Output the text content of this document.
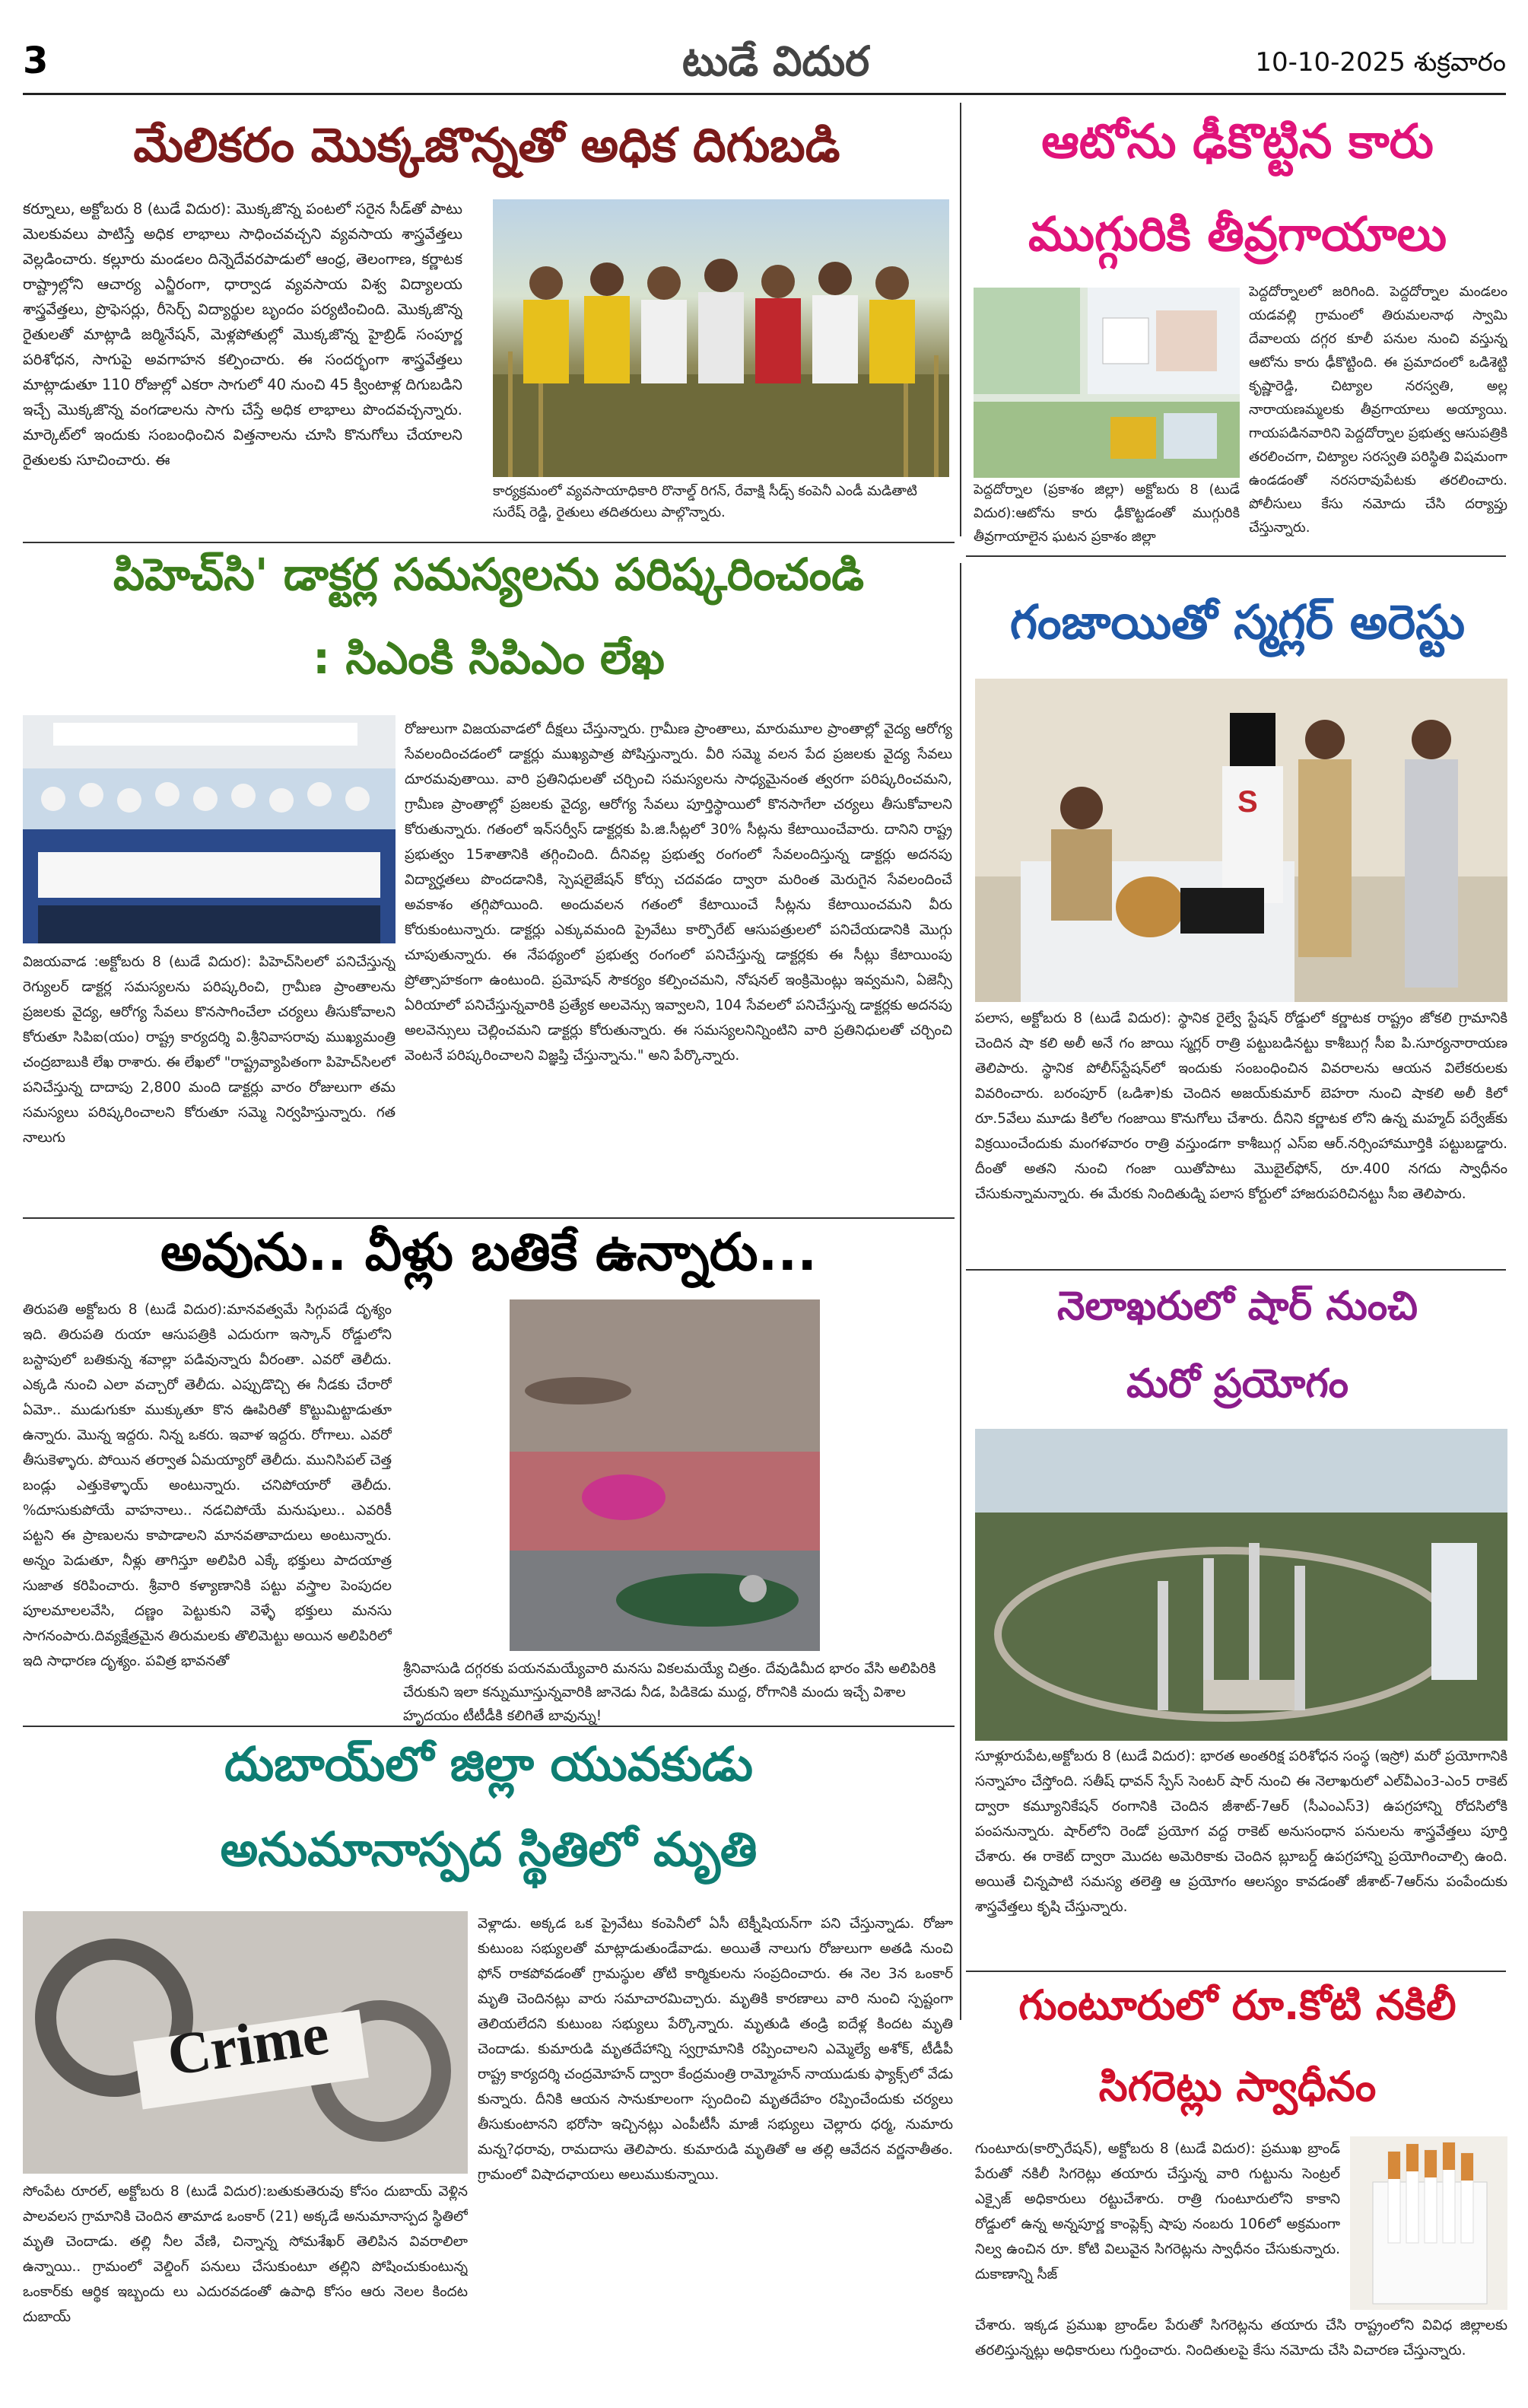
3	టుడే విదుర	10-10-2025 శుక్రవారం
మేలికరం మొక్కజొన్నతో అధిక దిగుబడి
కర్నూలు, అక్టోబరు 8 (టుడే విదుర): మొక్కజొన్న పంటలో సరైన సీడ్‌తో పాటు మెలకువలు పాటిస్తే అధిక లాభాలు సాధించవచ్చని వ్యవసాయ శాస్త్రవేత్తలు వెల్లడించారు. కల్లూరు మండలం దిన్నెదేవరపాడులో ఆంధ్ర, తెలంగాణ, కర్ణాటక రాష్ట్రాల్లోని ఆచార్య ఎన్జీరంగా, ధార్వాడ వ్యవసాయ విశ్వ విద్యాలయ శాస్త్రవేత్తలు, ప్రొఫెసర్లు, రీసెర్చ్ విద్యార్థుల బృందం పర్యటించింది. మొక్కజొన్న రైతులతో మాట్లాడి జర్మినేషన్, మెళ్లపోతుల్లో మొక్కజొన్న హైబ్రిడ్ సంపూర్ణ పరిశోధన, సాగుపై అవగాహన కల్పించారు. ఈ సందర్భంగా శాస్త్రవేత్తలు మాట్లాడుతూ 110 రోజుల్లో ఎకరా సాగులో 40 నుంచి 45 క్వింటాళ్ల దిగుబడిని ఇచ్చే మొక్కజొన్న వంగడాలను సాగు చేస్తే అధిక లాభాలు పొందవచ్చన్నారు. మార్కెట్‌లో ఇందుకు సంబంధించిన విత్తనాలను చూసి కొనుగోలు చేయాలని రైతులకు సూచించారు. ఈ
కార్యక్రమంలో వ్యవసాయాధికారి రొనాల్డ్ రిగన్, రేవాక్షి సీడ్స్ కంపెనీ ఎండీ మడితాటి సురేష్ రెడ్డి, రైతులు తదితరులు పాల్గొన్నారు.
ఆటోను ఢీకొట్టిన కారు
ముగ్గురికి తీవ్రగాయాలు
పెద్దదోర్నాలలో జరిగింది. పెద్దదోర్నాల మండలం యడవల్లి గ్రామంలో తిరుమలనాథ స్వామి దేవాలయ దగ్గర కూలీ పనుల నుంచి వస్తున్న ఆటోను కారు ఢీకొట్టింది. ఈ ప్రమాదంలో ఒడిశెట్టి కృష్ణారెడ్డి, చిట్యాల నరస్వతి, అల్ల నారాయణమ్మలకు తీవ్రగాయాలు అయ్యాయి. గాయపడినవారిని పెద్దదోర్నాల ప్రభుత్వ ఆసుపత్రికి తరలించగా, చిట్యాల సరస్వతి పరిస్థితి విషమంగా ఉండడంతో నరసరావుపేటకు తరలించారు. పోలీసులు కేసు నమోదు చేసి దర్యాప్తు చేస్తున్నారు.
పెద్దదోర్నాల (ప్రకాశం జిల్లా) అక్టోబరు 8 (టుడే విదుర):ఆటోను కారు ఢీకొట్టడంతో ముగ్గురికి తీవ్రగాయాలైన ఘటన ప్రకాశం జిల్లా
పిహెచ్‌సి' డాక్టర్ల సమస్యలను పరిష్కరించండి
: సిఎంకి సిపిఎం లేఖ
విజయవాడ :అక్టోబరు 8 (టుడే విదుర): పిహెచ్‌సిలలో పనిచేస్తున్న రెగ్యులర్ డాక్టర్ల సమస్యలను పరిష్కరించి, గ్రామీణ ప్రాంతాలను ప్రజలకు వైద్య, ఆరోగ్య సేవలు కొనసాగించేలా చర్యలు తీసుకోవాలని కోరుతూ సిపిఐ(యం) రాష్ట్ర కార్యదర్శి వి.శ్రీనివాసరావు ముఖ్యమంత్రి చంద్రబాబుకి లేఖ రాశారు. ఈ లేఖలో "రాష్ట్రవ్యాపితంగా పిహెచ్‌సిలలో పనిచేస్తున్న దాదాపు 2,800 మంది డాక్టర్లు వారం రోజులుగా తమ సమస్యలు పరిష్కరించాలని కోరుతూ సమ్మె నిర్వహిస్తున్నారు. గత నాలుగు
రోజులుగా విజయవాడలో దీక్షలు చేస్తున్నారు. గ్రామీణ ప్రాంతాలు, మారుమూల ప్రాంతాల్లో వైద్య ఆరోగ్య సేవలందించడంలో డాక్టర్లు ముఖ్యపాత్ర పోషిస్తున్నారు. వీరి సమ్మె వలన పేద ప్రజలకు వైద్య సేవలు దూరమవుతాయి. వారి ప్రతినిధులతో చర్చించి సమస్యలను సాధ్యమైనంత త్వరగా పరిష్కరించమని, గ్రామీణ ప్రాంతాల్లో ప్రజలకు వైద్య, ఆరోగ్య సేవలు పూర్తిస్థాయిలో కొనసాగేలా చర్యలు తీసుకోవాలని కోరుతున్నారు. గతంలో ఇన్‌సర్వీస్ డాక్టర్లకు పి.జి.సీట్లలో 30% సీట్లను కేటాయించేవారు. దానిని రాష్ట్ర ప్రభుత్వం 15శాతానికి తగ్గించింది. దీనివల్ల ప్రభుత్వ రంగంలో సేవలందిస్తున్న డాక్టర్లు అదనపు విద్యార్హతలు పొందడానికి, స్పెషలైజేషన్ కోర్సు చదవడం ద్వారా మరింత మెరుగైన సేవలందించే అవకాశం తగ్గిపోయింది. అందువలన గతంలో కేటాయించే సీట్లను కేటాయించమని వీరు కోరుకుంటున్నారు. డాక్టర్లు ఎక్కువమంది ప్రైవేటు కార్పొరేట్ ఆసుపత్రులలో పనిచేయడానికి మొగ్గు చూపుతున్నారు. ఈ నేపథ్యంలో ప్రభుత్వ రంగంలో పనిచేస్తున్న డాక్టర్లకు ఈ సీట్లు కేటాయింపు ప్రోత్సాహకంగా ఉంటుంది. ప్రమోషన్ సౌకర్యం కల్పించమని, నోషనల్ ఇంక్రిమెంట్లు ఇవ్వమని, ఏజెన్సీ ఏరియాలో పనిచేస్తున్నవారికి ప్రత్యేక అలవెన్సు ఇవ్వాలని, 104 సేవలలో పనిచేస్తున్న డాక్టర్లకు అదనపు అలవెన్సులు చెల్లించమని డాక్టర్లు కోరుతున్నారు. ఈ సమస్యలనిన్నింటిని వారి ప్రతినిధులతో చర్చించి వెంటనే పరిష్కరించాలని విజ్ఞప్తి చేస్తున్నాను." అని పేర్కొన్నారు.
గంజాయితో స్మగ్లర్ అరెస్టు
S
పలాస, అక్టోబరు 8 (టుడే విదుర): స్థానిక రైల్వే స్టేషన్ రోడ్డులో కర్ణాటక రాష్ట్రం జోకలి గ్రామానికి చెందిన షా కలి అలీ అనే గం జాయి స్మగ్లర్ రాత్రి పట్టుబడినట్టు కాశీబుగ్గ సీఐ పి.సూర్యనారాయణ తెలిపారు. స్థానిక పోలీస్‌స్టేషన్‌లో ఇందుకు సంబంధించిన వివరాలను ఆయన విలేకరులకు వివరించారు. బరంపూర్ (ఒడిశా)కు చెందిన అజయ్‌కుమార్ బెహరా నుంచి షాకలి అలీ కిలో రూ.5వేలు మూడు కిలోల గంజాయి కొనుగోలు చేశారు. దీనిని కర్ణాటక లోని ఉన్న మహ్మద్ పర్వేజ్‌కు విక్రయించేందుకు మంగళవారం రాత్రి వస్తుండగా కాశీబుగ్గ ఎస్ఐ ఆర్.నర్సింహామూర్తికి పట్టుబడ్డారు. దీంతో అతని నుంచి గంజా యితోపాటు మొబైల్‌ఫోన్, రూ.400 నగదు స్వాధీనం చేసుకున్నామన్నారు. ఈ మేరకు నిందితుడ్ని పలాస కోర్టులో హాజరుపరిచినట్టు సీఐ తెలిపారు.
అవును.. వీళ్లు బతికే ఉన్నారు...
తిరుపతి అక్టోబరు 8 (టుడే విదుర):మానవత్వమే సిగ్గుపడే దృశ్యం ఇది. తిరుపతి రుయా ఆసుపత్రికి ఎదురుగా ఇస్కాన్ రోడ్డులోని బస్టాపులో బతికున్న శవాల్లా పడివున్నారు వీరంతా. ఎవరో తెలీదు. ఎక్కడి నుంచి ఎలా వచ్చారో తెలీదు. ఎప్పుడొచ్చి ఈ నీడకు చేరారో ఏమో.. ముడుగుకూ ముక్కుతూ కొన ఊపిరితో కొట్టుమిట్టాడుతూ ఉన్నారు. మొన్న ఇద్దరు. నిన్న ఒకరు. ఇవాళ ఇద్దరు. రోగాలు. ఎవరో తీసుకెళ్ళారు. పోయిన తర్వాత ఏమయ్యారో తెలీదు. మునిసిపల్ చెత్త బండ్లు ఎత్తుకెళ్ళాయ్ అంటున్నారు. చనిపోయారో తెలీదు. %దూసుకుపోయే వాహనాలు.. నడచిపోయే మనుషులు.. ఎవరికీ పట్టని ఈ ప్రాణులను కాపాడాలని మానవతావాదులు అంటున్నారు. అన్నం పెడుతూ, నీళ్లు తాగిస్తూ అలిపిరి ఎక్కే భక్తులు పాదయాత్ర సుజాత కరిపించారు. శ్రీవారి కళ్యాణానికి పట్టు వస్త్రాల పెంపుదల పూలమాలలవేసి, దణ్ణం పెట్టుకుని వెళ్ళే భక్తులు మనసు సాగనంపారు.దివ్యక్షేత్రమైన తిరుమలకు తొలిమెట్టు అయిన అలిపిరిలో ఇది సాధారణ దృశ్యం. పవిత్ర భావనతో	శ్రీనివాసుడి దగ్గరకు పయనమయ్యేవారి మనసు వికలమయ్యే చిత్రం. దేవుడిమీద భారం వేసి అలిపిరికి చేరుకుని ఇలా కన్నుమూస్తున్నవారికి జానెడు నీడ, పిడికెడు ముద్ద, రోగానికి మందు ఇచ్చే విశాల హృదయం టీటీడీకి కలిగితే బావున్ను!
నెలాఖరులో షార్ నుంచి
మరో ప్రయోగం
సూళ్లూరుపేట,అక్టోబరు 8 (టుడే విదుర): భారత అంతరిక్ష పరిశోధన సంస్థ (ఇస్రో) మరో ప్రయోగానికి సన్నాహం చేస్తోంది. సతీష్ ధావన్ స్పేస్ సెంటర్ షార్ నుంచి ఈ నెలాఖరులో ఎల్‌వీఎం3-ఎం5 రాకెట్ ద్వారా కమ్యూనికేషన్ రంగానికి చెందిన జీశాట్-7ఆర్ (సీఎంఎస్3) ఉపగ్రహాన్ని రోదసిలోకి పంపనున్నారు. షార్‌లోని రెండో ప్రయోగ వద్ద రాకెట్ అనుసంధాన పనులను శాస్త్రవేత్తలు పూర్తి చేశారు. ఈ రాకెట్ ద్వారా మొదట అమెరికాకు చెందిన బ్లూబర్డ్ ఉపగ్రహాన్ని ప్రయోగించాల్సి ఉంది. అయితే చిన్నపాటి సమస్య తలెత్తి ఆ ప్రయోగం ఆలస్యం కావడంతో జీశాట్-7ఆర్‌ను పంపేందుకు శాస్త్రవేత్తలు కృషి చేస్తున్నారు.
దుబాయ్‌లో జిల్లా యువకుడు
అనుమానాస్పద స్థితిలో మృతి
Crime
సోంపేట రూరల్, అక్టోబరు 8 (టుడే విదుర):బతుకుతెరువు కోసం దుబాయ్ వెళ్లిన పాలవలస గ్రామానికి చెందిన తామాడ ఒంకార్ (21) అక్కడే అనుమానాస్పద స్థితిలో మృతి చెందాడు. తల్లి నీల వేణి, చిన్నాన్న సోమశేఖర్ తెలిపిన వివరాలిలా ఉన్నాయి.. గ్రామంలో వెల్డింగ్ పనులు చేసుకుంటూ తల్లిని పోషించుకుంటున్న ఒంకార్‌కు ఆర్థిక ఇబ్బందు లు ఎదురవడంతో ఉపాధి కోసం ఆరు నెలల కిందట దుబాయ్
వెళ్లాడు. అక్కడ ఒక ప్రైవేటు కంపెనీలో ఏసీ టెక్నీషియన్‌గా పని చేస్తున్నాడు. రోజూ కుటుంబ సభ్యులతో మాట్లాడుతుండేవాడు. అయితే నాలుగు రోజులుగా అతడి నుంచి ఫోన్ రాకపోవడంతో గ్రామస్థుల తోటి కార్మికులను సంప్రదించారు. ఈ నెల 3న ఒంకార్ మృతి చెందినట్లు వారు సమాచారమిచ్చారు. మృతికి కారణాలు వారి నుంచి స్పష్టంగా తెలియలేదని కుటుంబ సభ్యులు పేర్కొన్నారు. మృతుడి తండ్రి ఐదేళ్ల కిందట మృతి చెందాడు. కుమారుడి మృతదేహాన్ని స్వగ్రామానికి రప్పించాలని ఎమ్మెల్యే అశోక్, టీడీపీ రాష్ట్ర కార్యదర్శి చంద్రమోహన్ ద్వారా కేంద్రమంత్రి రామ్మోహన్ నాయుడుకు ఫ్యాక్స్‌లో వేడు కున్నారు. దీనికి ఆయన సానుకూలంగా స్పందించి మృతదేహం రప్పించేందుకు చర్యలు తీసుకుంటానని భరోసా ఇచ్చినట్లు ఎంపీటీసీ మాజీ సభ్యులు చెల్లారు ధర్మ, నుమారు మన్న?ధరావు, రామదాసు తెలిపారు. కుమారుడి మృతితో ఆ తల్లి ఆవేదన వర్ణనాతీతం. గ్రామంలో విషాదఛాయలు అలుముకున్నాయి.
గుంటూరులో రూ.కోటి నకిలీ
సిగరెట్లు స్వాధీనం
గుంటూరు(కార్పొరేషన్), అక్టోబరు 8 (టుడే విదుర): ప్రముఖ బ్రాండ్ పేరుతో నకిలీ సిగరెట్లు తయారు చేస్తున్న వారి గుట్టును సెంట్రల్ ఎక్సైజ్ అధికారులు రట్టుచేశారు. రాత్రి గుంటూరులోని కాకాని రోడ్డులో ఉన్న అన్నపూర్ణ కాంప్లెక్స్ షాపు నంబరు 106లో అక్రమంగా నిల్వ ఉంచిన రూ. కోటి విలువైన సిగరెట్లను స్వాధీనం చేసుకున్నారు. దుకాణాన్ని సీజ్
చేశారు. ఇక్కడ ప్రముఖ బ్రాండ్‌ల పేరుతో సిగరెట్లను తయారు చేసి రాష్ట్రంలోని వివిధ జిల్లాలకు తరలిస్తున్నట్లు అధికారులు గుర్తించారు. నిందితులపై కేసు నమోదు చేసి విచారణ చేస్తున్నారు.
